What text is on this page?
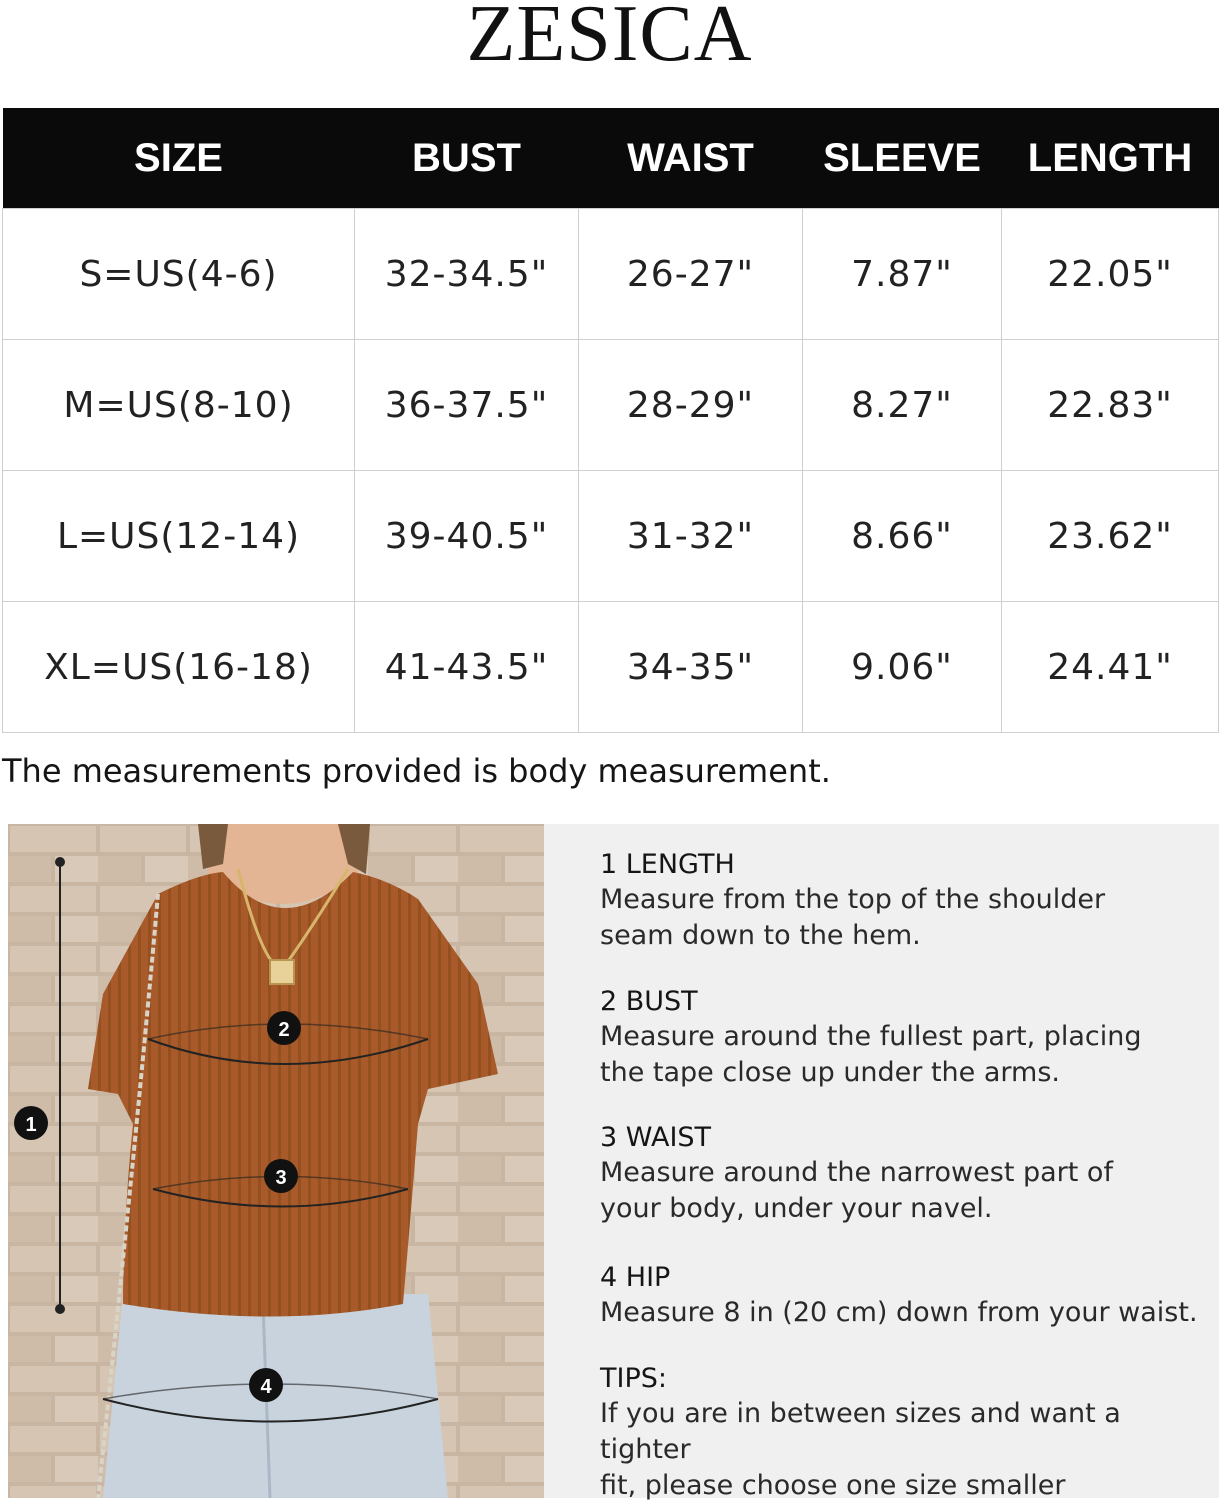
ZESICA
SIZE	BUST	WAIST	SLEEVE	LENGTH
S=US(4-6)	32-34.5"	26-27"	7.87"	22.05"
M=US(8-10)	36-37.5"	28-29"	8.27"	22.83"
L=US(12-14)	39-40.5"	31-32"	8.66"	23.62"
XL=US(16-18)	41-43.5"	34-35"	9.06"	24.41"
The measurements provided is body measurement.
1
2
3
4
1 LENGTH
Measure from the top of the shoulder
seam down to the hem.
2 BUST
Measure around the fullest part, placing
the tape close up under the arms.
3 WAIST
Measure around the narrowest part of
your body, under your navel.
4 HIP
Measure 8 in (20 cm) down from your waist.
TIPS:
If you are in between sizes and want a tighter
fit, please choose one size smaller
